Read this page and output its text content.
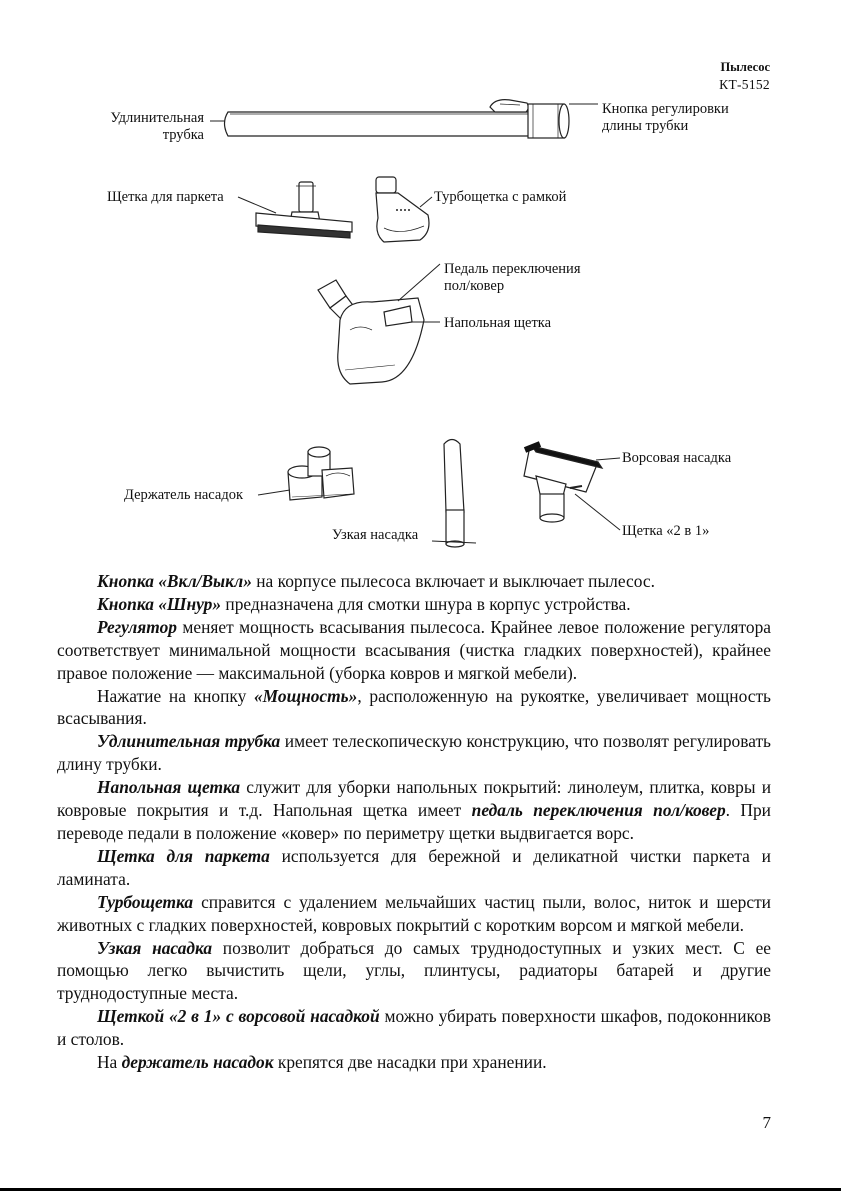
Пылесос
КТ-5152
Удлинительная
трубка
Кнопка регулировки
длины трубки
Щетка для паркета	Турбощетка с рамкой
Педаль переключения
пол/ковер
Напольная щетка
Ворсовая насадка
Держатель насадок
Узкая насадка	Щетка «2 в 1»

Кнопка «Вкл/Выкл» на корпусе пылесоса включает и выключает пылесос.

Кнопка «Шнур» предназначена для смотки шнура в корпус устройства.

Регулятор меняет мощность всасывания пылесоса. Крайнее левое положение регулятора соответствует минимальной мощности всасывания (чистка гладких поверхностей), крайнее правое положение — максимальной (уборка ковров и мягкой мебели).

Нажатие на кнопку «Мощность», расположенную на рукоятке, увеличивает мощность всасывания.

Удлинительная трубка имеет телескопическую конструкцию, что позволят регулировать длину трубки.

Напольная щетка служит для уборки напольных покрытий: линолеум, плитка, ковры и ковровые покрытия и т.д. Напольная щетка имеет педаль переключения пол/ковер. При переводе педали в положение «ковер» по периметру щетки выдвигается ворс.

Щетка для паркета используется для бережной и деликатной чистки паркета и ламината.

Турбощетка справится с удалением мельчайших частиц пыли, волос, ниток и шерсти животных с гладких поверхностей, ковровых покрытий с коротким ворсом и мягкой мебели.

Узкая насадка позволит добраться до самых труднодоступных и узких мест. С ее помощью легко вычистить щели, углы, плинтусы, радиаторы батарей и другие труднодоступные места.

Щеткой «2 в 1» с ворсовой насадкой можно убирать поверхности шкафов, подоконников и столов.

На держатель насадок крепятся две насадки при хранении.

7
